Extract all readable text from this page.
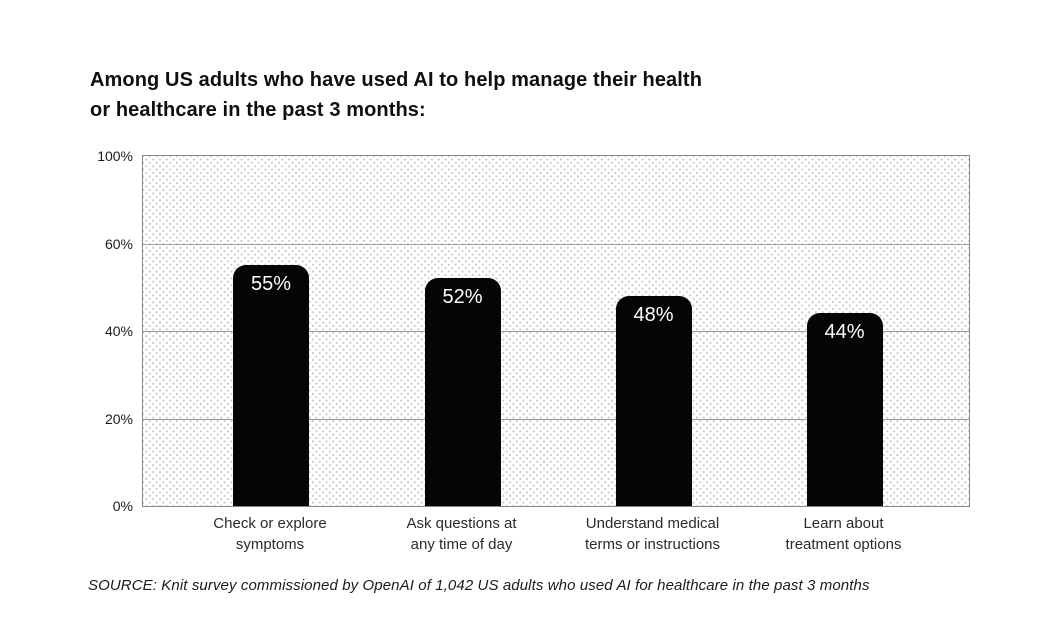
Among US adults who have used AI to help manage their health
or healthcare in the past 3 months:
55%
52%
48%
44%
SOURCE: Knit survey commissioned by OpenAI of 1,042 US adults who used AI for healthcare in the past 3 months
0%
20%
40%
60%
100%
Check or explore
symptoms
Ask questions at
any time of day
Understand medical
terms or instructions
Learn about
treatment options
